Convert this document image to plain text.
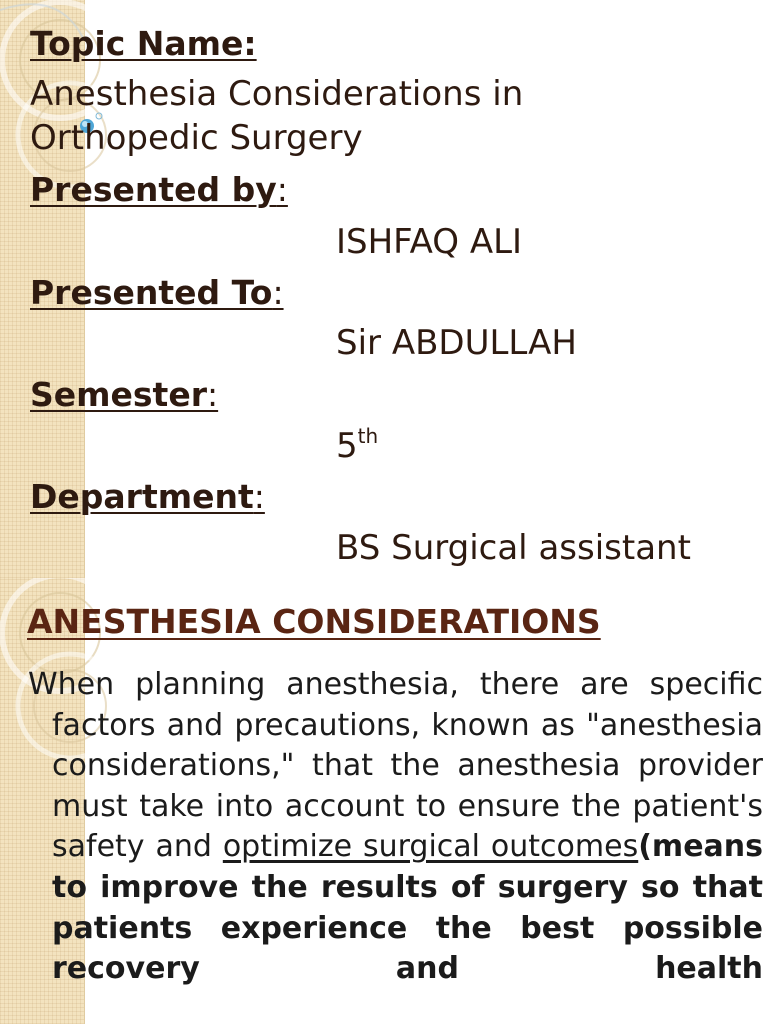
Topic Name:
Anesthesia Considerations in
Orthopedic Surgery
Presented by:
ISHFAQ ALI
Presented To:
Sir ABDULLAH
Semester:
5th
Department:
BS Surgical assistant
ANESTHESIA CONSIDERATIONS
When planning anesthesia, there are specific factors and precautions, known as "anesthesia considerations," that the anesthesia provider must take into account to ensure the patient's safety and optimize surgical outcomes(means to improve the results of surgery so that patients experience the best possible recovery and health
